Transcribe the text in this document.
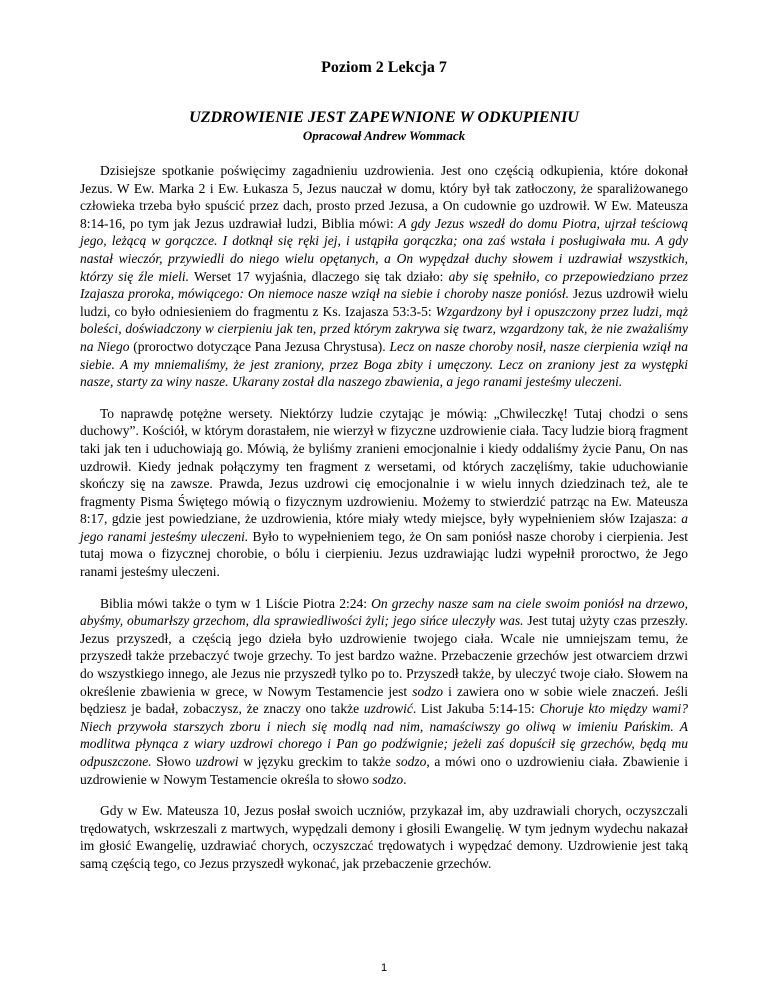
Poziom 2 Lekcja 7
UZDROWIENIE JEST ZAPEWNIONE W ODKUPIENIU
Opracował Andrew Wommack

Dzisiejsze spotkanie poświęcimy zagadnieniu uzdrowienia. Jest ono częścią odkupienia, które dokonał Jezus. W Ew. Marka 2 i Ew. Łukasza 5, Jezus nauczał w domu, który był tak zatłoczony, że sparaliżowanego człowieka trzeba było spuścić przez dach, prosto przed Jezusa, a On cudownie go uzdrowił. W Ew. Mateusza 8:14-16, po tym jak Jezus uzdrawiał ludzi, Biblia mówi: A gdy Jezus wszedł do domu Piotra, ujrzał teściową jego, leżącą w gorączce. I dotknął się ręki jej, i ustąpiła gorączka; ona zaś wstała i posługiwała mu. A gdy nastał wieczór, przywiedli do niego wielu opętanych, a On wypędzał duchy słowem i uzdrawiał wszystkich, którzy się źle mieli. Werset 17 wyjaśnia, dlaczego się tak działo: aby się spełniło, co przepowiedziano przez Izajasza proroka, mówiącego: On niemoce nasze wziął na siebie i choroby nasze poniósł. Jezus uzdrowił wielu ludzi, co było odniesieniem do fragmentu z Ks. Izajasza 53:3-5: Wzgardzony był i opuszczony przez ludzi, mąż boleści, doświadczony w cierpieniu jak ten, przed którym zakrywa się twarz, wzgardzony tak, że nie zważaliśmy na Niego (proroctwo dotyczące Pana Jezusa Chrystusa). Lecz on nasze choroby nosił, nasze cierpienia wziął na siebie. A my mniemaliśmy, że jest zraniony, przez Boga zbity i umęczony. Lecz on zraniony jest za występki nasze, starty za winy nasze. Ukarany został dla naszego zbawienia, a jego ranami jesteśmy uleczeni.

To naprawdę potężne wersety. Niektórzy ludzie czytając je mówią: „Chwileczkę! Tutaj chodzi o sens duchowy”. Kościół, w którym dorastałem, nie wierzył w fizyczne uzdrowienie ciała. Tacy ludzie biorą fragment taki jak ten i uduchowiają go. Mówią, że byliśmy zranieni emocjonalnie i kiedy oddaliśmy życie Panu, On nas uzdrowił. Kiedy jednak połączymy ten fragment z wersetami, od których zaczęliśmy, takie uduchowianie skończy się na zawsze. Prawda, Jezus uzdrowi cię emocjonalnie i w wielu innych dziedzinach też, ale te fragmenty Pisma Świętego mówią o fizycznym uzdrowieniu. Możemy to stwierdzić patrząc na Ew. Mateusza 8:17, gdzie jest powiedziane, że uzdrowienia, które miały wtedy miejsce, były wypełnieniem słów Izajasza: a jego ranami jesteśmy uleczeni. Było to wypełnieniem tego, że On sam poniósł nasze choroby i cierpienia. Jest tutaj mowa o fizycznej chorobie, o bólu i cierpieniu. Jezus uzdrawiając ludzi wypełnił proroctwo, że Jego ranami jesteśmy uleczeni.

Biblia mówi także o tym w 1 Liście Piotra 2:24: On grzechy nasze sam na ciele swoim poniósł na drzewo, abyśmy, obumarłszy grzechom, dla sprawiedliwości żyli; jego sińce uleczyły was. Jest tutaj użyty czas przeszły. Jezus przyszedł, a częścią jego dzieła było uzdrowienie twojego ciała. Wcale nie umniejszam temu, że przyszedł także przebaczyć twoje grzechy. To jest bardzo ważne. Przebaczenie grzechów jest otwarciem drzwi do wszystkiego innego, ale Jezus nie przyszedł tylko po to. Przyszedł także, by uleczyć twoje ciało. Słowem na określenie zbawienia w grece, w Nowym Testamencie jest sodzo i zawiera ono w sobie wiele znaczeń. Jeśli będziesz je badał, zobaczysz, że znaczy ono także uzdrowić. List Jakuba 5:14-15: Choruje kto między wami? Niech przywoła starszych zboru i niech się modlą nad nim, namaściwszy go oliwą w imieniu Pańskim. A modlitwa płynąca z wiary uzdrowi chorego i Pan go podźwignie; jeżeli zaś dopuścił się grzechów, będą mu odpuszczone. Słowo uzdrowi w języku greckim to także sodzo, a mówi ono o uzdrowieniu ciała. Zbawienie i uzdrowienie w Nowym Testamencie określa to słowo sodzo.

Gdy w Ew. Mateusza 10, Jezus posłał swoich uczniów, przykazał im, aby uzdrawiali chorych, oczyszczali trędowatych, wskrzeszali z martwych, wypędzali demony i głosili Ewangelię. W tym jednym wydechu nakazał im głosić Ewangelię, uzdrawiać chorych, oczyszczać trędowatych i wypędzać demony. Uzdrowienie jest taką samą częścią tego, co Jezus przyszedł wykonać, jak przebaczenie grzechów.

1
